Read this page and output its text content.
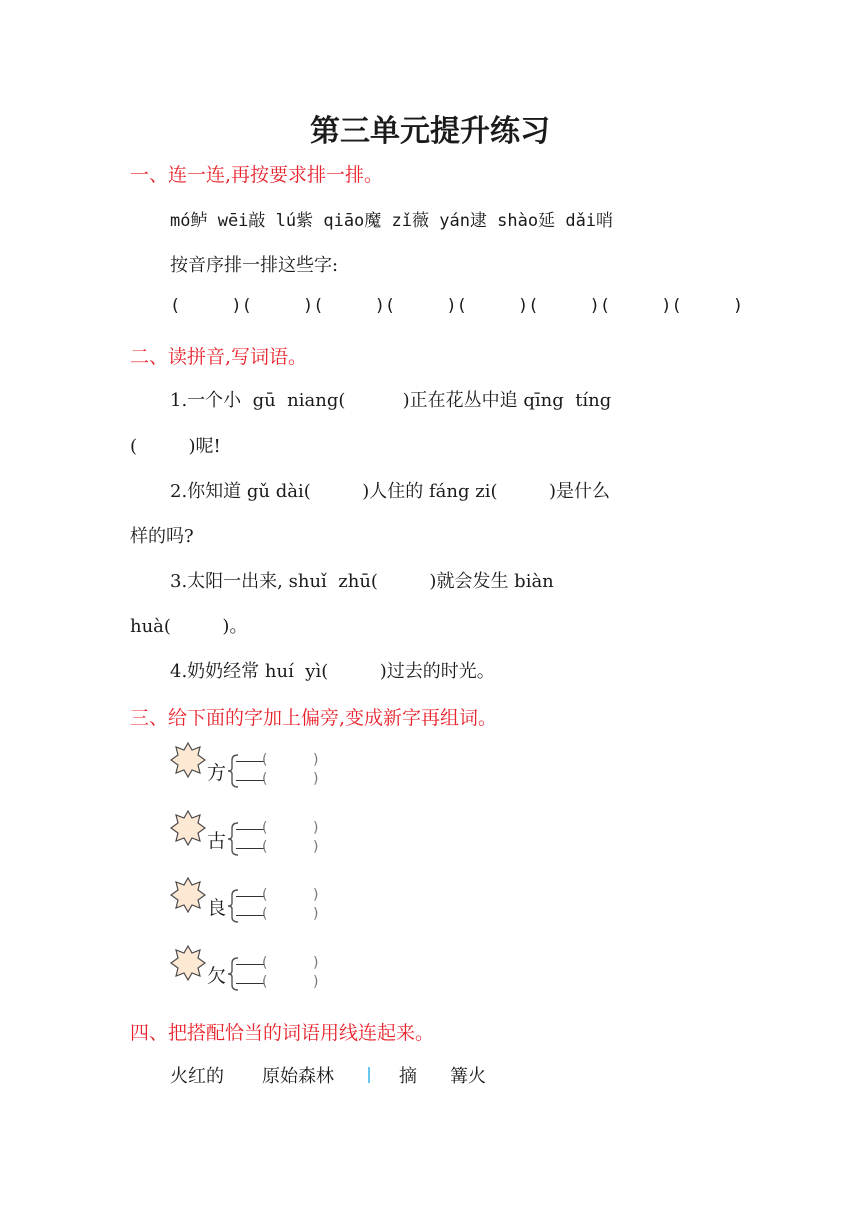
第三单元提升练习
一、连一连,再按要求排一排。
mó鲈 wēi敲 lú紫 qiāo魔 zǐ薇 yán逮 shào延 dǎi哨
按音序排一排这些字:
(     )(     )(     )(     )(     )(     )(     )(     )
二、读拼音,写词语。
1.一个小  gū  niang(          )正在花丛中追 qīng  tíng
(         )呢!
2.你知道 gǔ dài(         )人住的 fáng zi(         )是什么
样的吗?
3.太阳一出来, shuǐ  zhū(         )就会发生 biàn
huà(         )。
4.奶奶经常 huí  yì(         )过去的时光。
三、给下面的字加上偏旁,变成新字再组词。
方
(	)
(	)
古
(	)
(	)
良
(	)
(	)
欠
(	)
(	)
四、把搭配恰当的词语用线连起来。
火红的 原始森林	摘 篝火
